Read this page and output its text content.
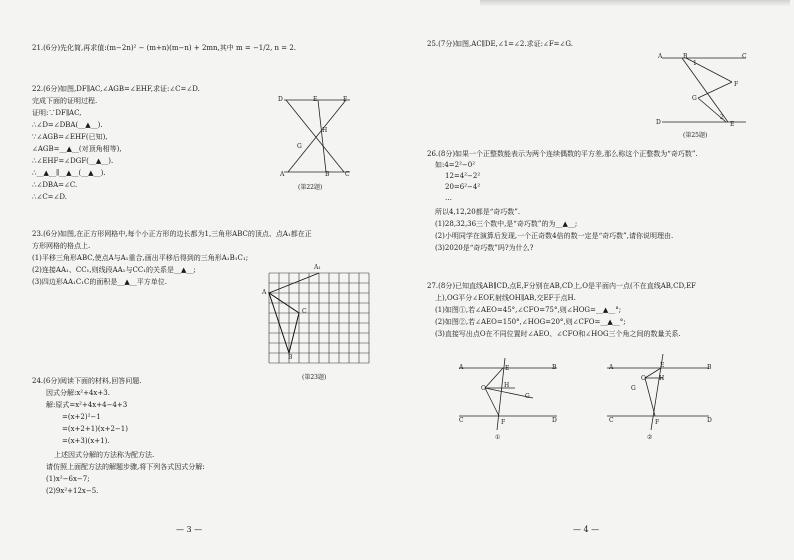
21.(6分)先化简,再求值:(m−2n)² − (m+n)(m−n) + 2mn,其中 m = −1/2, n = 2.
22.(6分)如图,DF∥AC,∠AGB=∠EHF,求证:∠C=∠D.
完成下面的证明过程.
证明:∵DF∥AC,
∴∠D=∠DBA(__▲__).
∵∠AGB=∠EHF(已知),
∠AGB=__▲__(对顶角相等),
∴∠EHF=∠DGF(__▲__).
∴__▲__∥__▲__(__▲__).
∴∠DBA=∠C.
∴∠C=∠D.
D	F
E
H
G
A	B	C
(第22题)
23.(6分)如图,在正方形网格中,每个小正方形的边长都为1,三角形ABC的顶点、点A₁都在正
方形网格的格点上.
(1)平移三角形ABC,使点A与A₁重合,画出平移后得到的三角形A₁B₁C₁;
(2)连接AA₁、CC₁,则线段AA₁与CC₁的关系是__▲__;
(3)四边形AA₁C₁C的面积是__▲__平方单位.
A₁
A
B
C
(第23题)
24.(6分)阅读下面的材料,回答问题.
因式分解:x²+4x+3.
解:原式=x²+4x+4−4+3
=(x+2)²−1
=(x+2+1)(x+2−1)
=(x+3)(x+1).
上述因式分解的方法称为配方法.
请仿照上面配方法的解题步骤,将下列各式因式分解:
(1)x²−6x−7;
(2)9x²+12x−5.
— 3 —
25.(7分)如图,AC∥DE,∠1=∠2.求证:∠F=∠G.
A	B	C
1
F
G
2
D	E
(第25题)
26.(8分)如果一个正整数能表示为两个连续偶数的平方差,那么称这个正整数为“奇巧数”.
如:4=2²−0²
12=4²−2²
20=6²−4²
…
所以4,12,20都是“奇巧数”.
(1)28,32,36三个数中,是“奇巧数”的为__▲__;
(2)小明同学在演算后发现,一个正奇数4倍的数一定是“奇巧数”,请你说明理由.
(3)2020是“奇巧数”吗?为什么?
27.(8分)已知直线AB∥CD,点E,F分别在AB,CD上,O是平面内一点(不在直线AB,CD,EF
上),OG平分∠EOF,射线OH∥AB,交EF于点H.
(1)如图①,若∠AEO=45°,∠CFO=75°,则∠HOG=__▲__°;
(2)如图②,若∠AEO=150°,∠HOG=20°,则∠CFO=__▲__°;
(3)直接写出点O在不同位置时∠AEO、∠CFO和∠HOG三个角之间的数量关系.
A	B
E
O	H
G
C	F	D
①
A	B
E
O H
G
C	F	D
②
— 4 —
